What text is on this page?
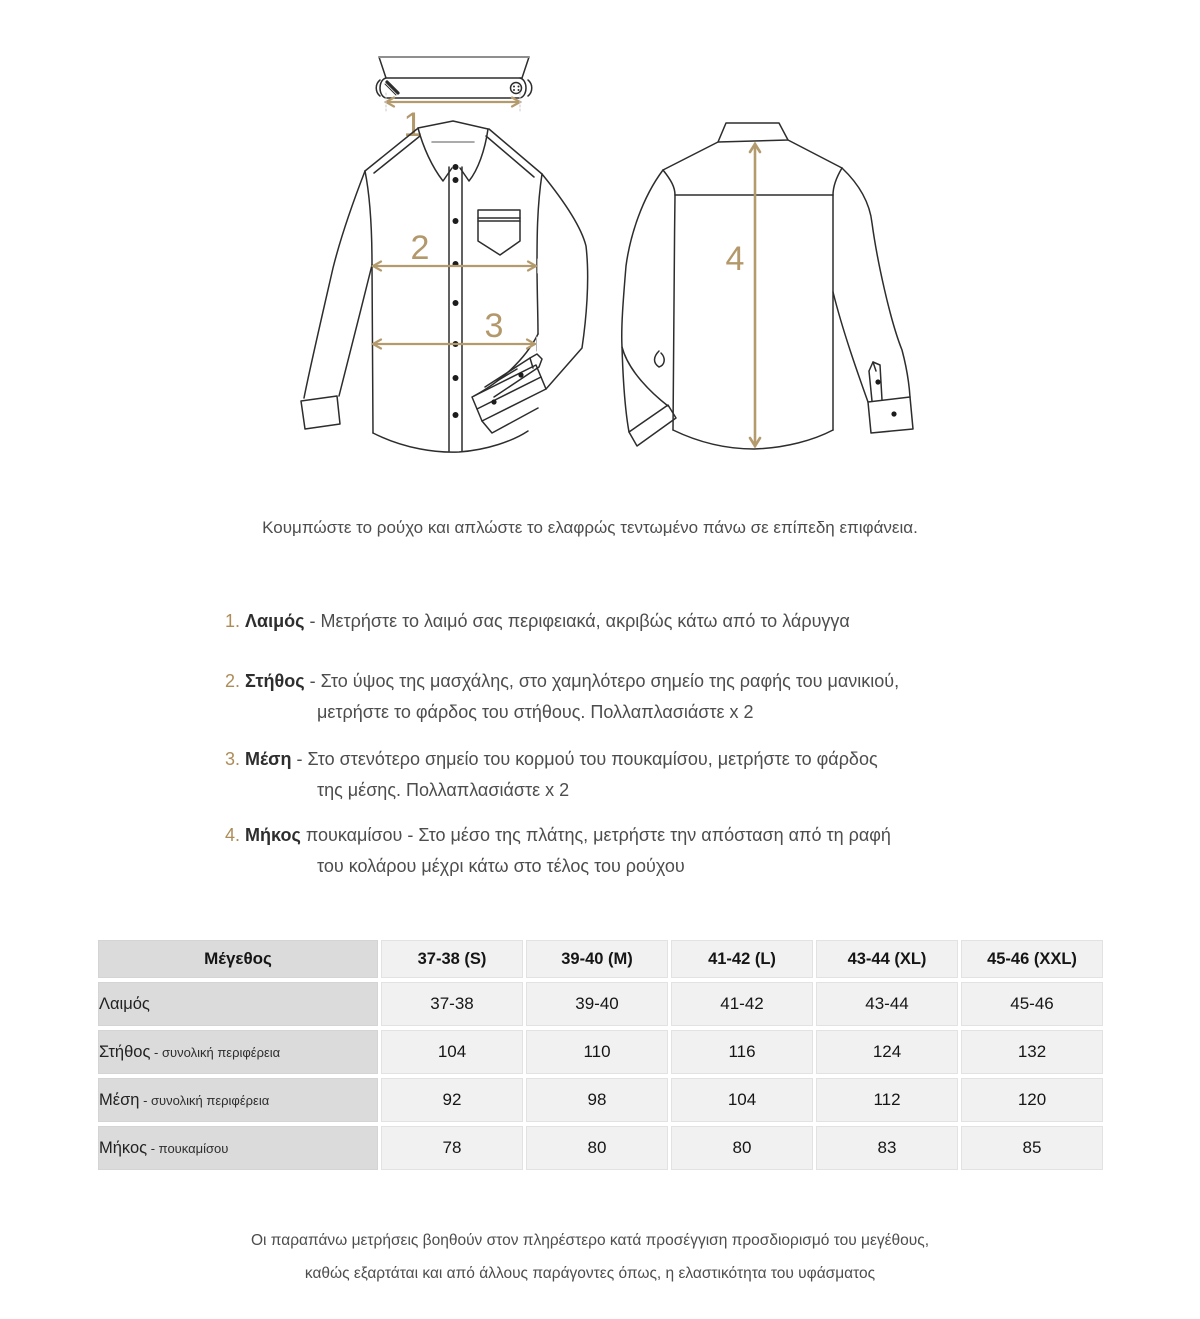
1
2
3
4

Κουμπώστε το ρούχο και απλώστε το ελαφρώς τεντωμένο πάνω σε επίπεδη επιφάνεια.

1. Λαιμός - Μετρήστε το λαιμό σας περιφειακά, ακριβώς κάτω από το λάρυγγα
2. Στήθος - Στο ύψος της μασχάλης, στο χαμηλότερο σημείο της ραφής του μανικιού,
μετρήστε το φάρδος του στήθους. Πολλαπλασιάστε x 2
3. Μέση - Στο στενότερο σημείο του κορμού του πουκαμίσου, μετρήστε το φάρδος
της μέσης. Πολλαπλασιάστε x 2
4. Μήκος πουκαμίσου - Στο μέσο της πλάτης, μετρήστε την απόσταση από τη ραφή
του κολάρου μέχρι κάτω στο τέλος του ρούχου
Μέγεθος	37-38 (S)	39-40 (M)	41-42 (L)	43-44 (XL)	45-46 (XXL)
Λαιμός	37-38	39-40	41-42	43-44	45-46
Στήθος - συνολική περιφέρεια	104	110	116	124	132
Μέση - συνολική περιφέρεια	92	98	104	112	120
Μήκος - πουκαμίσου	78	80	80	83	85

Οι παραπάνω μετρήσεις βοηθούν στον πληρέστερο κατά προσέγγιση προσδιορισμό του μεγέθους,

καθώς εξαρτάται και από άλλους παράγοντες όπως, η ελαστικότητα του υφάσματος
